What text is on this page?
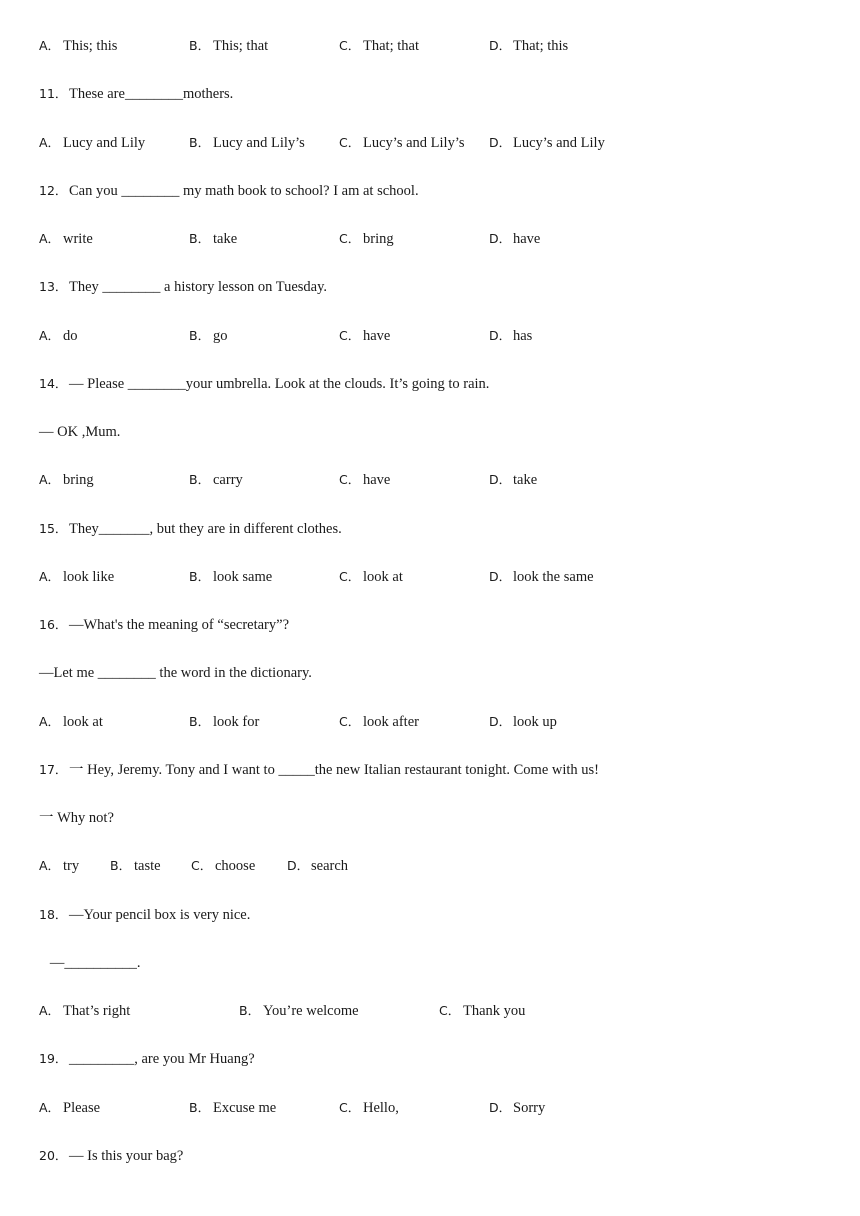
A． This; this	B． This; that	C． That; that	D． That; this
11． These are________mothers.
A． Lucy and Lily	B． Lucy and Lily’s	C． Lucy’s and Lily’s D． Lucy’s and Lily
12． Can you ________ my math book to school? I am at school.
A． write	B． take	C． bring	D． have
13． They ________ a history lesson on Tuesday.
A． do	B． go	C． have	D． has
14． — Please ________your umbrella. Look at the clouds. It’s going to rain.
— OK ,Mum.
A． bring	B． carry	C． have	D． take
15． They_______, but they are in different clothes.
A． look like	B． look same	C． look at	D． look the same
16． —What's the meaning of “secretary”?
—Let me ________ the word in the dictionary.
A． look at	B． look for	C． look after	D． look up
17． 一 Hey, Jeremy. Tony and I want to _____the new Italian restaurant tonight. Come with us!
一 Why not?
A． try B． taste C． choose	D． search
18． —Your pencil box is very nice.
—__________.
A． That’s right	B． You’re welcome	C． Thank you
19． _________, are you Mr Huang?
A． Please	B． Excuse me	C． Hello,	D． Sorry
20． — Is this your bag?
